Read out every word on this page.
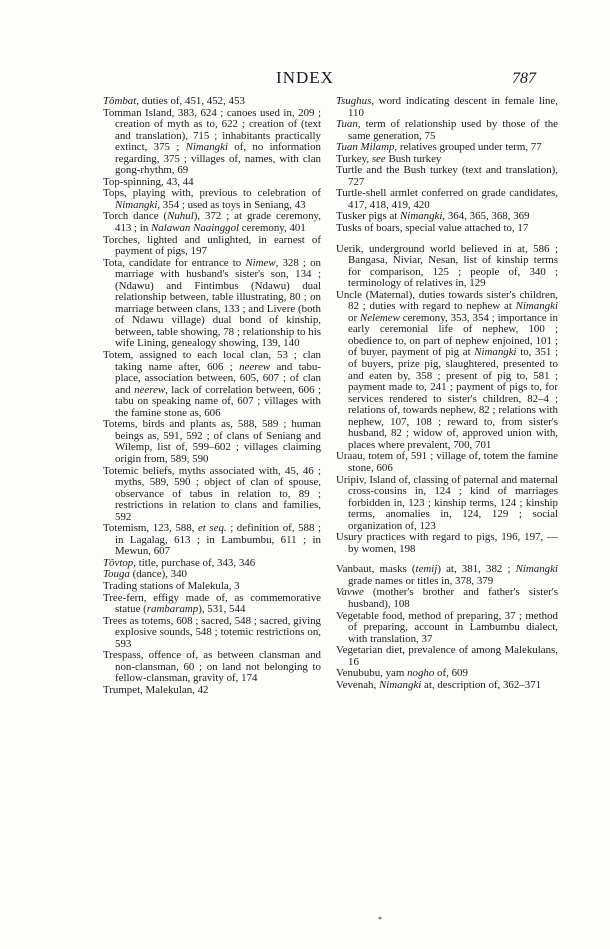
INDEX	787

Tômbat, duties of, 451, 452, 453

Tomman Island, 383, 624 ; canoes used in, 209 ; creation of myth as to, 622 ; creation of (text and translation), 715 ; inhabitants practically extinct, 375 ; Nimangki of, no information regarding, 375 ; villages of, names, with clan gong-rhythm, 69

Top-spinning, 43, 44

Tops, playing with, previous to celebration of Nimangki, 354 ; used as toys in Seniang, 43

Torch dance (Nuhul), 372 ; at grade ceremony, 413 ; in Nalawan Naainggol ceremony, 401

Torches, lighted and unlighted, in earnest of payment of pigs, 197

Tota, candidate for entrance to Nimew, 328 ; on marriage with husband's sister's son, 134 ; (Ndawu) and Fintimbus (Ndawu) dual relationship between, table illustrating, 80 ; on marriage between clans, 133 ; and Livere (both of Ndawu village) dual bond of kinship, between, table showing, 78 ; relationship to his wife Lining, genealogy showing, 139, 140

Totem, assigned to each local clan, 53 ; clan taking name after, 606 ; neerew and tabu-place, association between, 605, 607 ; of clan and neerew, lack of correlation between, 606 ; tabu on speaking name of, 607 ; villages with the famine stone as, 606

Totems, birds and plants as, 588, 589 ; human beings as, 591, 592 ; of clans of Seniang and Wilemp, list of, 599–602 ; villages claiming origin from, 589, 590

Totemic beliefs, myths associated with, 45, 46 ; myths, 589, 590 ; object of clan of spouse, observance of tabus in relation to, 89 ; restrictions in relation to clans and families, 592

Totemism, 123, 588, et seq. ; definition of, 588 ; in Lagalag, 613 ; in Lambumbu, 611 ; in Mewun, 607

Tôvtop, title, purchase of, 343, 346

Touga (dance), 340

Trading stations of Malekula, 3

Tree-fern, effigy made of, as commemorative statue (rambaramp), 531, 544

Trees as totems, 608 ; sacred, 548 ; sacred, giving explosive sounds, 548 ; totemic restrictions on, 593

Trespass, offence of, as between clansman and non-clansman, 60 ; on land not belonging to fellow-clansman, gravity of, 174

Trumpet, Malekulan, 42

Tsughus, word indicating descent in female line, 110

Tuan, term of relationship used by those of the same generation, 75

Tuan Milamp, relatives grouped under term, 77

Turkey, see Bush turkey

Turtle and the Bush turkey (text and translation), 727

Turtle-shell armlet conferred on grade candidates, 417, 418, 419, 420

Tusker pigs at Nimangki, 364, 365, 368, 369

Tusks of boars, special value attached to, 17

Uerik, underground world believed in at, 586 ; Bangasa, Niviar, Nesan, list of kinship terms for comparison, 125 ; people of, 340 ; terminology of relatives in, 129

Uncle (Maternal), duties towards sister's children, 82 ; duties with regard to nephew at Nimangki or Nelemew ceremony, 353, 354 ; importance in early ceremonial life of nephew, 100 ; obedience to, on part of nephew enjoined, 101 ; of buyer, payment of pig at Nimangki to, 351 ; of buyers, prize pig, slaughtered, presented to and eaten by, 358 ; present of pig to, 581 ; payment made to, 241 ; payment of pigs to, for services rendered to sister's children, 82–4 ; relations of, towards nephew, 82 ; relations with nephew, 107, 108 ; reward to, from sister's husband, 82 ; widow of, approved union with, places where prevalent, 700, 701

Uraau, totem of, 591 ; village of, totem the famine stone, 606

Uripiv, Island of, classing of paternal and maternal cross-cousins in, 124 ; kind of marriages forbidden in, 123 ; kinship terms, 124 ; kinship terms, anomalies in, 124, 129 ; social organization of, 123

Usury practices with regard to pigs, 196, 197, — by women, 198

Vanbaut, masks (temij) at, 381, 382 ; Nimangki grade names or titles in, 378, 379

Vavwe (mother's brother and father's sister's husband), 108

Vegetable food, method of preparing, 37 ; method of preparing, account in Lambumbu dialect, with translation, 37

Vegetarian diet, prevalence of among Malekulans, 16

Venububu, yam nogho of, 609

Vevenah, Nimangki at, description of, 362–371

*
